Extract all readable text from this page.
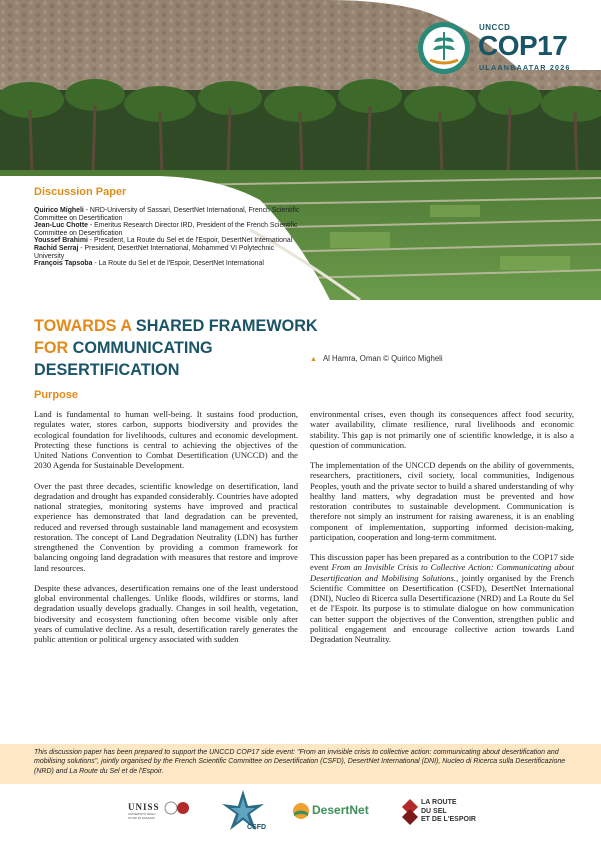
UNCCD
COP17
ULAANBAATAR 2026
Discussion Paper
Quirico Migheli - NRD-University of Sassari, DesertNet International, French Scientific Committee on Desertification
Jean-Luc Chotte - Emeritus Research Director IRD, President of the French Scientific Committee on Desertification
Youssef Brahimi - President, La Route du Sel et de l'Espoir, DesertNet International
Rachid Serraj - President, DesertNet International, Mohammed VI Polytechnic University
François Tapsoba - La Route du Sel et de l'Espoir, DesertNet International
TOWARDS A SHARED FRAMEWORK
FOR COMMUNICATING
DESERTIFICATION
▲ Al Hamra, Oman © Quirico Migheli
Purpose

Land is fundamental to human well-being. It sustains food production, regulates water, stores carbon, supports biodiversity and provides the ecological foundation for livelihoods, cultures and economic development. Protecting these functions is central to achieving the objectives of the United Nations Convention to Combat Desertification (UNCCD) and the 2030 Agenda for Sustainable Development.

Over the past three decades, scientific knowledge on desertification, land degradation and drought has expanded considerably. Countries have adopted national strategies, monitoring systems have improved and practical experience has demonstrated that land degradation can be prevented, reduced and reversed through sustainable land management and ecosystem restoration. The concept of Land Degradation Neutrality (LDN) has further strengthened the Convention by providing a common framework for balancing ongoing land degradation with measures that restore and improve land resources.

Despite these advances, desertification remains one of the least understood global environmental challenges. Unlike floods, wildfires or storms, land degradation usually develops gradually. Changes in soil health, vegetation, biodiversity and ecosystem functioning often become visible only after years of cumulative decline. As a result, desertification rarely generates the public attention or political urgency associated with sudden

environmental crises, even though its consequences affect food security, water availability, climate resilience, rural livelihoods and economic stability. This gap is not primarily one of scientific knowledge, it is also a question of communication.

The implementation of the UNCCD depends on the ability of governments, researchers, practitioners, civil society, local communities, Indigenous Peoples, youth and the private sector to build a shared understanding of why healthy land matters, why degradation must be prevented and how restoration contributes to sustainable development. Communication is therefore not simply an instrument for raising awareness, it is an enabling component of implementation, supporting informed decision-making, participation, cooperation and long-term commitment.

This discussion paper has been prepared as a contribution to the COP17 side event From an Invisible Crisis to Collective Action: Communicating about Desertification and Mobilising Solutions., jointly organised by the French Scientific Committee on Desertification (CSFD), DesertNet International (DNI), Nucleo di Ricerca sulla Desertificazione (NRD) and La Route du Sel et de l'Espoir. Its purpose is to stimulate dialogue on how communication can better support the objectives of the Convention, strengthen public and political engagement and encourage collective action towards Land Degradation Neutrality.

This discussion paper has been prepared to support the UNCCD COP17 side event: "From an invisible crisis to collective action: communicating about desertification and mobilising solutions", jointly organised by the French Scientific Committee on Desertification (CSFD), DesertNet International (DNI), Nucleo di Ricerca sulla Desertificazione (NRD) and La Route du Sel et de l'Espoir.

UNISS
UNIVERSITÀ DEGLI STUDI DI SASSARI
CSFD
DesertNet
LA ROUTE
DU SEL
ET DE L'ESPOIR
